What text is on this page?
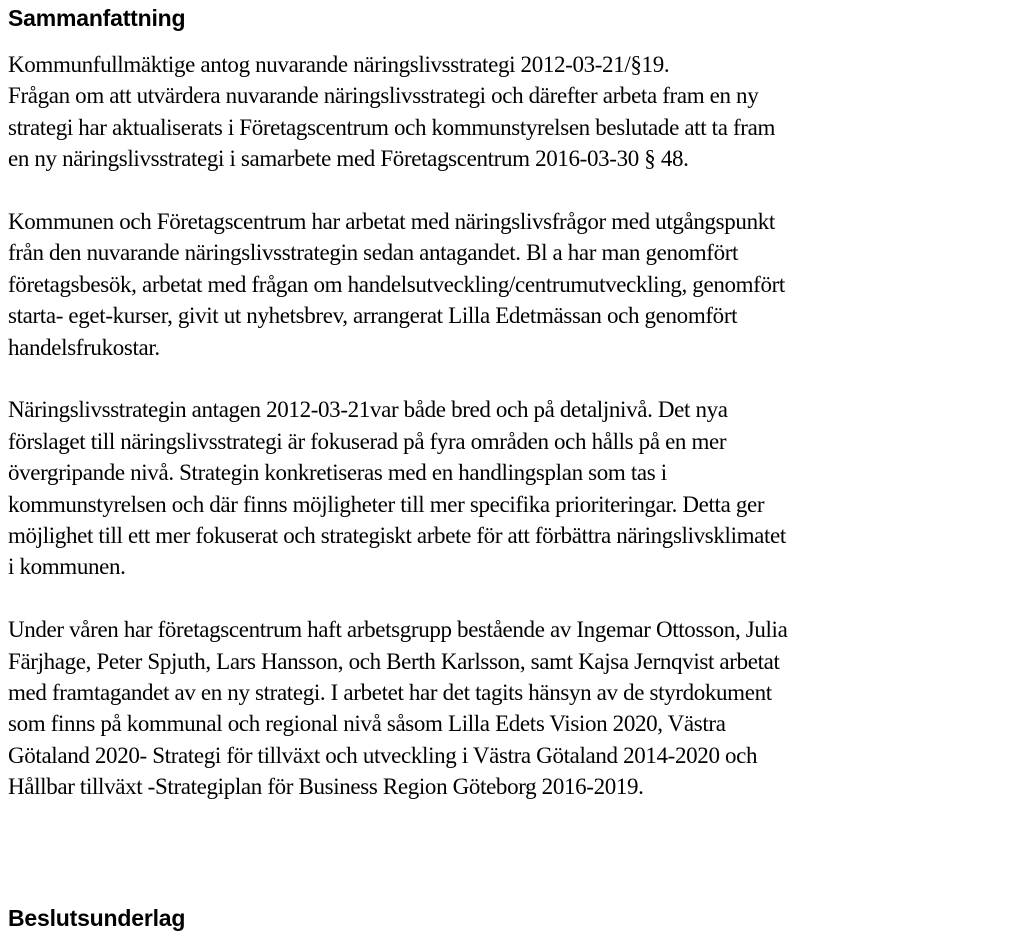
Sammanfattning

Kommunfullmäktige antog nuvarande näringslivsstrategi 2012-03-21/§19.
Frågan om att utvärdera nuvarande näringslivsstrategi och därefter arbeta fram en ny
strategi har aktualiserats i Företagscentrum och kommunstyrelsen beslutade att ta fram
en ny näringslivsstrategi i samarbete med Företagscentrum 2016-03-30 § 48.

Kommunen och Företagscentrum har arbetat med näringslivsfrågor med utgångspunkt
från den nuvarande näringslivsstrategin sedan antagandet. Bl a har man genomfört
företagsbesök, arbetat med frågan om handelsutveckling/centrumutveckling, genomfört
starta- eget-kurser, givit ut nyhetsbrev, arrangerat Lilla Edetmässan och genomfört
handelsfrukostar.

Näringslivsstrategin antagen 2012-03-21var både bred och på detaljnivå. Det nya
förslaget till näringslivsstrategi är fokuserad på fyra områden och hålls på en mer
övergripande nivå. Strategin konkretiseras med en handlingsplan som tas i
kommunstyrelsen och där finns möjligheter till mer specifika prioriteringar. Detta ger
möjlighet till ett mer fokuserat och strategiskt arbete för att förbättra näringslivsklimatet
i kommunen.

Under våren har företagscentrum haft arbetsgrupp bestående av Ingemar Ottosson, Julia
Färjhage, Peter Spjuth, Lars Hansson, och Berth Karlsson, samt Kajsa Jernqvist arbetat
med framtagandet av en ny strategi. I arbetet har det tagits hänsyn av de styrdokument
som finns på kommunal och regional nivå såsom Lilla Edets Vision 2020, Västra
Götaland 2020- Strategi för tillväxt och utveckling i Västra Götaland 2014-2020 och
Hållbar tillväxt -Strategiplan för Business Region Göteborg 2016-2019.

Beslutsunderlag
